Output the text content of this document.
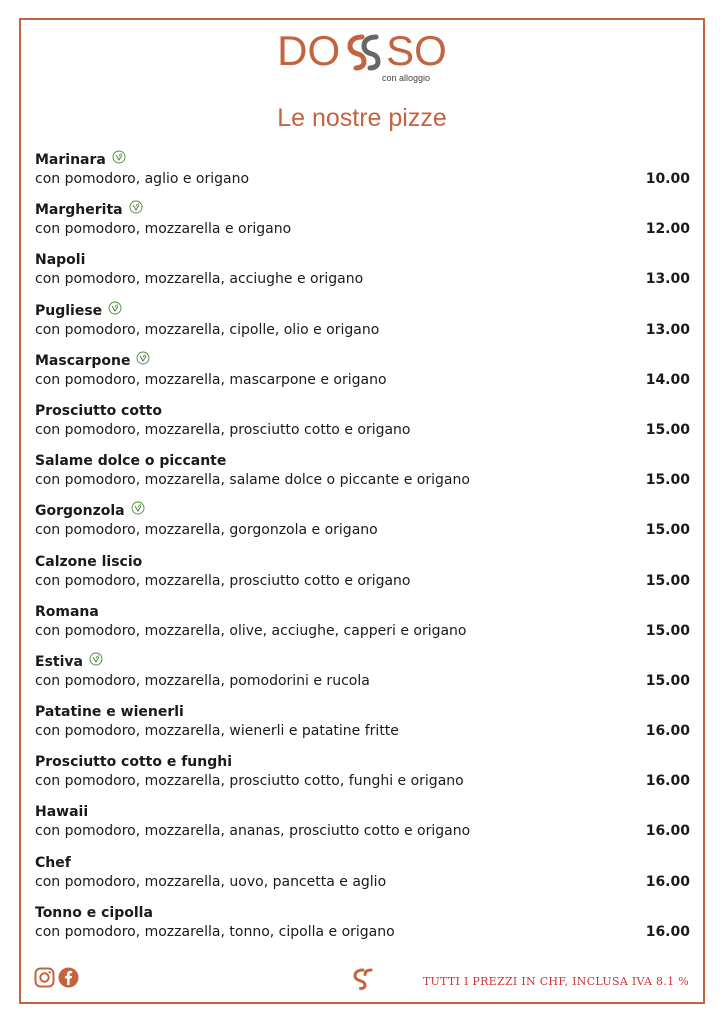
DO SO
con alloggio
Le nostre pizze
Marinara
con pomodoro, aglio e origano	10.00
Margherita
con pomodoro, mozzarella e origano	12.00
Napoli
con pomodoro, mozzarella, acciughe e origano	13.00
Pugliese
con pomodoro, mozzarella, cipolle, olio e origano	13.00
Mascarpone
con pomodoro, mozzarella, mascarpone e origano	14.00
Prosciutto cotto
con pomodoro, mozzarella, prosciutto cotto e origano	15.00
Salame dolce o piccante
con pomodoro, mozzarella, salame dolce o piccante e origano	15.00
Gorgonzola
con pomodoro, mozzarella, gorgonzola e origano	15.00
Calzone liscio
con pomodoro, mozzarella, prosciutto cotto e origano	15.00
Romana
con pomodoro, mozzarella, olive, acciughe, capperi e origano	15.00
Estiva
con pomodoro, mozzarella, pomodorini e rucola	15.00
Patatine e wienerli
con pomodoro, mozzarella, wienerli e patatine fritte	16.00
Prosciutto cotto e funghi
con pomodoro, mozzarella, prosciutto cotto, funghi e origano	16.00
Hawaii
con pomodoro, mozzarella, ananas, prosciutto cotto e origano	16.00
Chef
con pomodoro, mozzarella, uovo, pancetta e aglio	16.00
Tonno e cipolla
con pomodoro, mozzarella, tonno, cipolla e origano	16.00
TUTTI I PREZZI IN CHF, INCLUSA IVA 8.1 %
